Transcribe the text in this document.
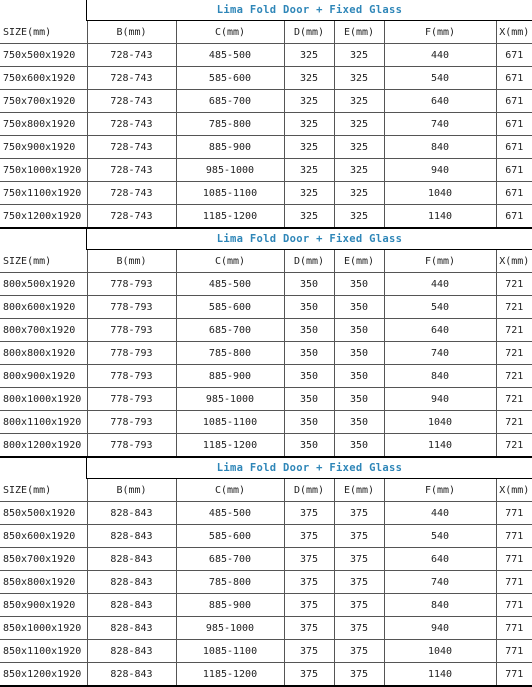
Lima Fold Door + Fixed Glass
SIZE(mm)	B(mm)	C(mm)	D(mm)	E(mm)	F(mm)	X(mm)
750x500x1920	728-743	485-500	325	325	440	671
750x600x1920	728-743	585-600	325	325	540	671
750x700x1920	728-743	685-700	325	325	640	671
750x800x1920	728-743	785-800	325	325	740	671
750x900x1920	728-743	885-900	325	325	840	671
750x1000x1920	728-743	985-1000	325	325	940	671
750x1100x1920	728-743	1085-1100	325	325	1040	671
750x1200x1920	728-743	1185-1200	325	325	1140	671
Lima Fold Door + Fixed Glass
SIZE(mm)	B(mm)	C(mm)	D(mm)	E(mm)	F(mm)	X(mm)
800x500x1920	778-793	485-500	350	350	440	721
800x600x1920	778-793	585-600	350	350	540	721
800x700x1920	778-793	685-700	350	350	640	721
800x800x1920	778-793	785-800	350	350	740	721
800x900x1920	778-793	885-900	350	350	840	721
800x1000x1920	778-793	985-1000	350	350	940	721
800x1100x1920	778-793	1085-1100	350	350	1040	721
800x1200x1920	778-793	1185-1200	350	350	1140	721
Lima Fold Door + Fixed Glass
SIZE(mm)	B(mm)	C(mm)	D(mm)	E(mm)	F(mm)	X(mm)
850x500x1920	828-843	485-500	375	375	440	771
850x600x1920	828-843	585-600	375	375	540	771
850x700x1920	828-843	685-700	375	375	640	771
850x800x1920	828-843	785-800	375	375	740	771
850x900x1920	828-843	885-900	375	375	840	771
850x1000x1920	828-843	985-1000	375	375	940	771
850x1100x1920	828-843	1085-1100	375	375	1040	771
850x1200x1920	828-843	1185-1200	375	375	1140	771
